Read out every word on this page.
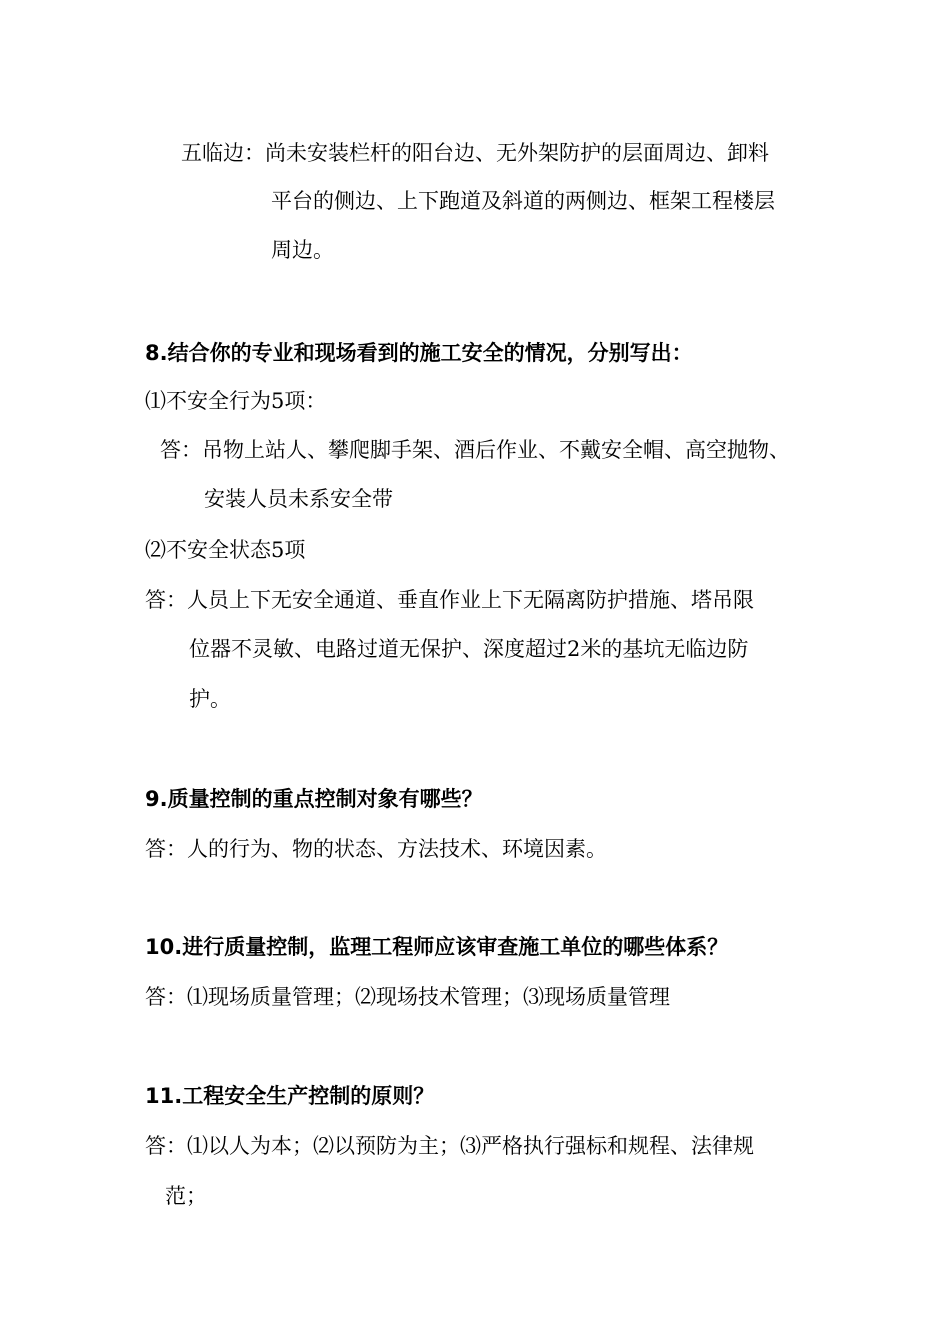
五临边：尚未安装栏杆的阳台边、无外架防护的层面周边、卸料
平台的侧边、上下跑道及斜道的两侧边、框架工程楼层
周边。
8.结合你的专业和现场看到的施工安全的情况，分别写出：
⑴不安全行为5项：
答：吊物上站人、攀爬脚手架、酒后作业、不戴安全帽、高空抛物、
安装人员未系安全带
⑵不安全状态5项
答：人员上下无安全通道、垂直作业上下无隔离防护措施、塔吊限
位器不灵敏、电路过道无保护、深度超过2米的基坑无临边防
护。
9.质量控制的重点控制对象有哪些？
答：人的行为、物的状态、方法技术、环境因素。
10.进行质量控制，监理工程师应该审查施工单位的哪些体系？
答：⑴现场质量管理；⑵现场技术管理；⑶现场质量管理
11.工程安全生产控制的原则？
答：⑴以人为本；⑵以预防为主；⑶严格执行强标和规程、法律规
范；
